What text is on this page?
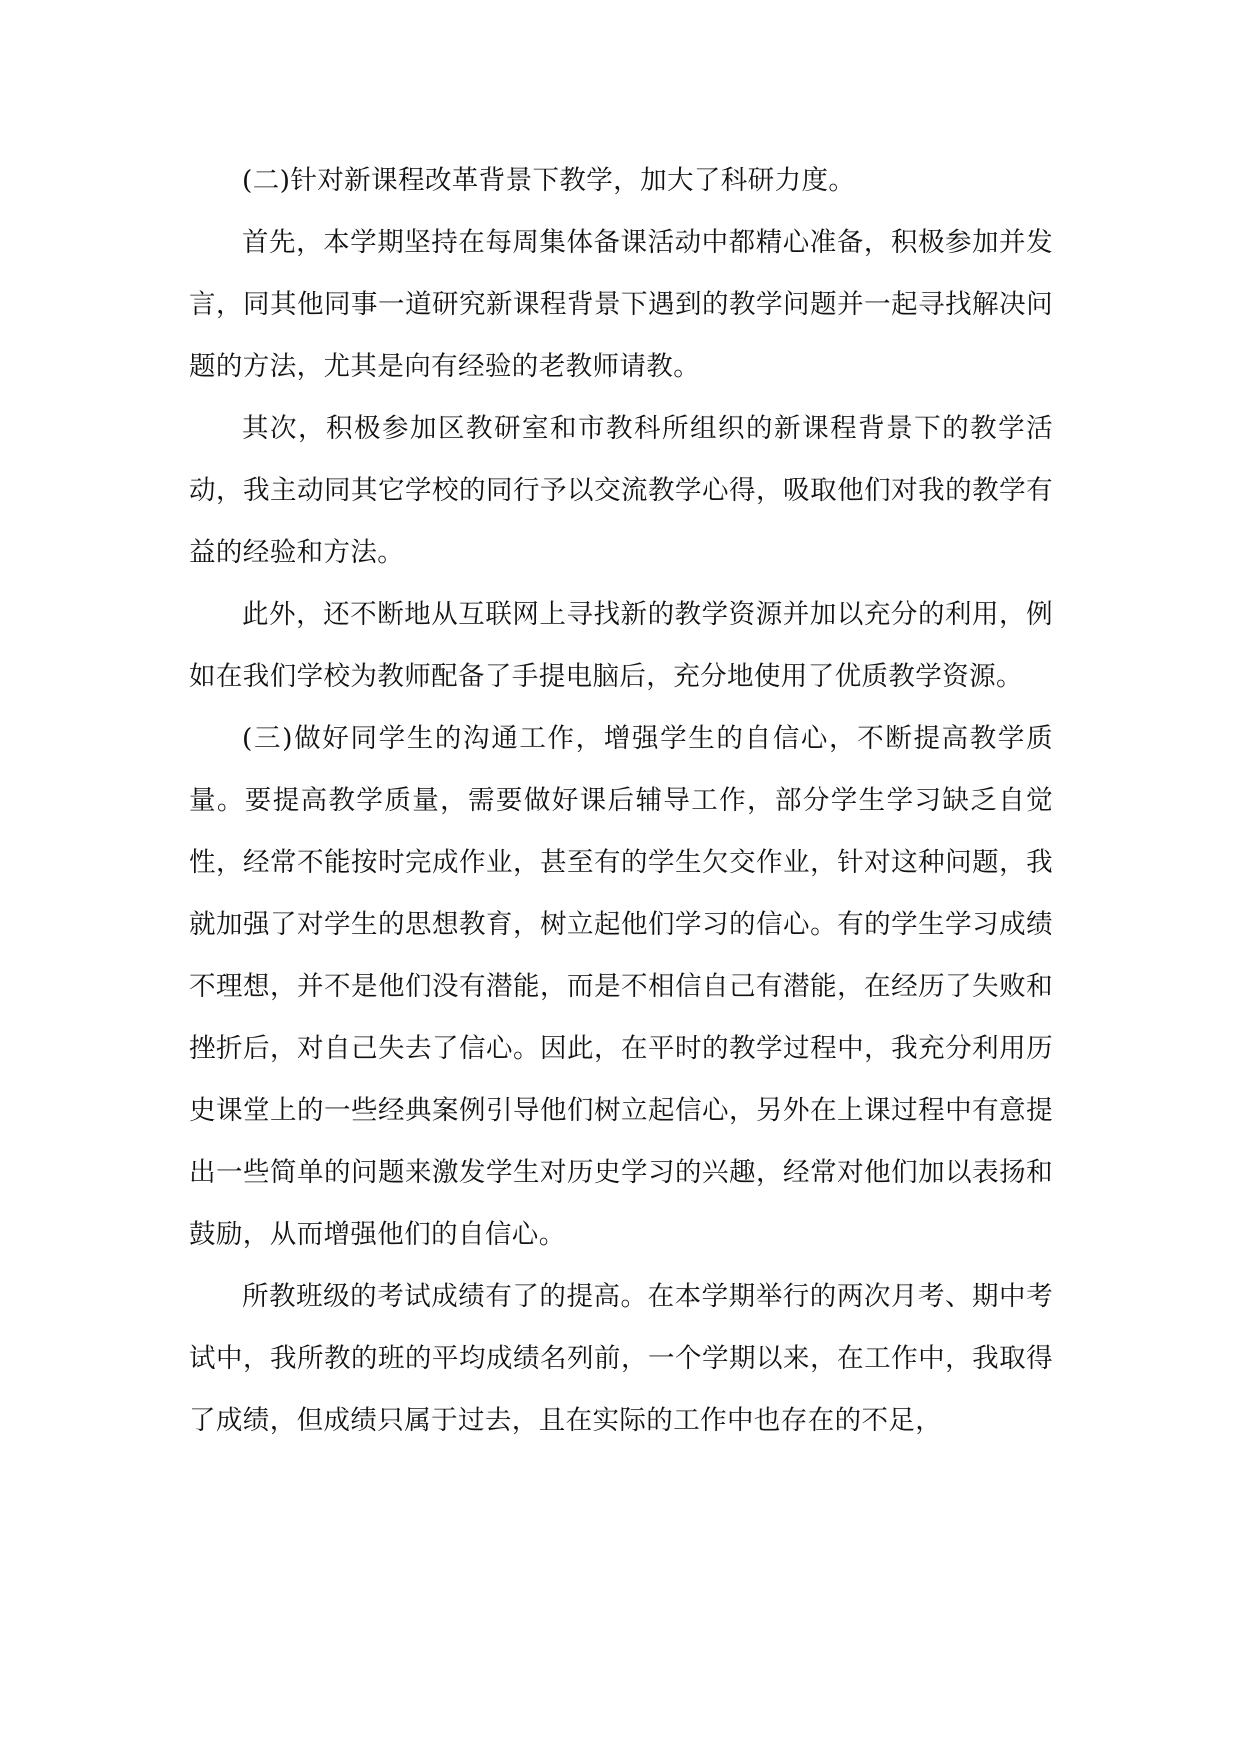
(二)针对新课程改革背景下教学，加大了科研力度。

首先，本学期坚持在每周集体备课活动中都精心准备，积极参加并发言，同其他同事一道研究新课程背景下遇到的教学问题并一起寻找解决问题的方法，尤其是向有经验的老教师请教。

其次，积极参加区教研室和市教科所组织的新课程背景下的教学活动，我主动同其它学校的同行予以交流教学心得，吸取他们对我的教学有益的经验和方法。

此外，还不断地从互联网上寻找新的教学资源并加以充分的利用，例如在我们学校为教师配备了手提电脑后，充分地使用了优质教学资源。

(三)做好同学生的沟通工作，增强学生的自信心，不断提高教学质量。要提高教学质量，需要做好课后辅导工作，部分学生学习缺乏自觉性，经常不能按时完成作业，甚至有的学生欠交作业，针对这种问题，我就加强了对学生的思想教育，树立起他们学习的信心。有的学生学习成绩不理想，并不是他们没有潜能，而是不相信自己有潜能，在经历了失败和挫折后，对自己失去了信心。因此，在平时的教学过程中，我充分利用历史课堂上的一些经典案例引导他们树立起信心，另外在上课过程中有意提出一些简单的问题来激发学生对历史学习的兴趣，经常对他们加以表扬和鼓励，从而增强他们的自信心。

所教班级的考试成绩有了的提高。在本学期举行的两次月考、期中考试中，我所教的班的平均成绩名列前，一个学期以来，在工作中，我取得了成绩，但成绩只属于过去，且在实际的工作中也存在的不足，
